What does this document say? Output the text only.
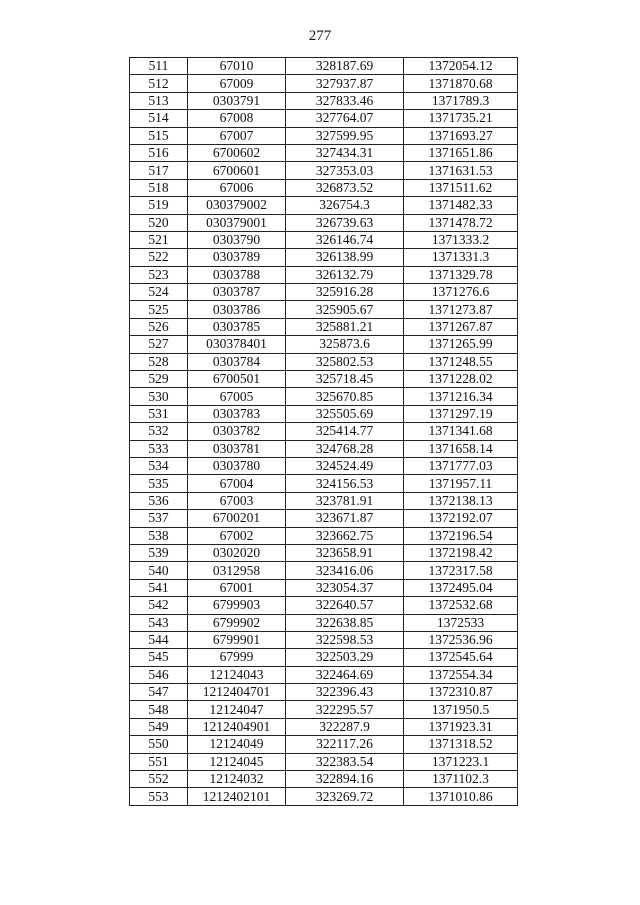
277
511	67010	328187.69	1372054.12
512	67009	327937.87	1371870.68
513	0303791	327833.46	1371789.3
514	67008	327764.07	1371735.21
515	67007	327599.95	1371693.27
516	6700602	327434.31	1371651.86
517	6700601	327353.03	1371631.53
518	67006	326873.52	1371511.62
519	030379002	326754.3	1371482.33
520	030379001	326739.63	1371478.72
521	0303790	326146.74	1371333.2
522	0303789	326138.99	1371331.3
523	0303788	326132.79	1371329.78
524	0303787	325916.28	1371276.6
525	0303786	325905.67	1371273.87
526	0303785	325881.21	1371267.87
527	030378401	325873.6	1371265.99
528	0303784	325802.53	1371248.55
529	6700501	325718.45	1371228.02
530	67005	325670.85	1371216.34
531	0303783	325505.69	1371297.19
532	0303782	325414.77	1371341.68
533	0303781	324768.28	1371658.14
534	0303780	324524.49	1371777.03
535	67004	324156.53	1371957.11
536	67003	323781.91	1372138.13
537	6700201	323671.87	1372192.07
538	67002	323662.75	1372196.54
539	0302020	323658.91	1372198.42
540	0312958	323416.06	1372317.58
541	67001	323054.37	1372495.04
542	6799903	322640.57	1372532.68
543	6799902	322638.85	1372533
544	6799901	322598.53	1372536.96
545	67999	322503.29	1372545.64
546	12124043	322464.69	1372554.34
547	1212404701	322396.43	1372310.87
548	12124047	322295.57	1371950.5
549	1212404901	322287.9	1371923.31
550	12124049	322117.26	1371318.52
551	12124045	322383.54	1371223.1
552	12124032	322894.16	1371102.3
553	1212402101	323269.72	1371010.86
